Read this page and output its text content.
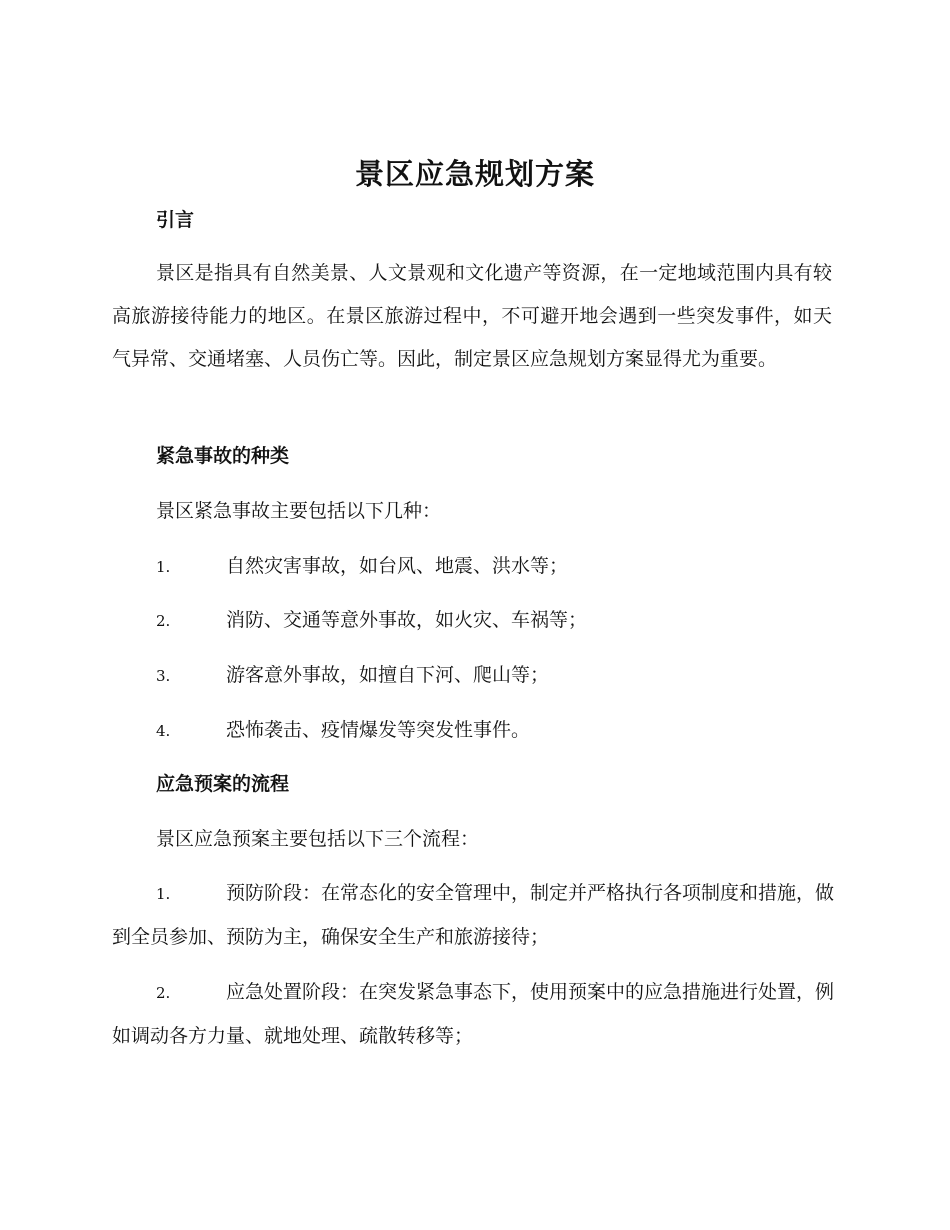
景区应急规划方案
引言

景区是指具有自然美景、人文景观和文化遗产等资源，在一定地域范围内具有较高旅游接待能力的地区。在景区旅游过程中，不可避开地会遇到一些突发事件，如天气异常、交通堵塞、人员伤亡等。因此，制定景区应急规划方案显得尤为重要。

紧急事故的种类

景区紧急事故主要包括以下几种：

1.	自然灾害事故，如台风、地震、洪水等；

2.	消防、交通等意外事故，如火灾、车祸等；

3.	游客意外事故，如擅自下河、爬山等；

4.	恐怖袭击、疫情爆发等突发性事件。

应急预案的流程

景区应急预案主要包括以下三个流程：

1.	预防阶段：在常态化的安全管理中，制定并严格执行各项制度和措施，做到全员参加、预防为主，确保安全生产和旅游接待；

2.	应急处置阶段：在突发紧急事态下，使用预案中的应急措施进行处置，例如调动各方力量、就地处理、疏散转移等；
